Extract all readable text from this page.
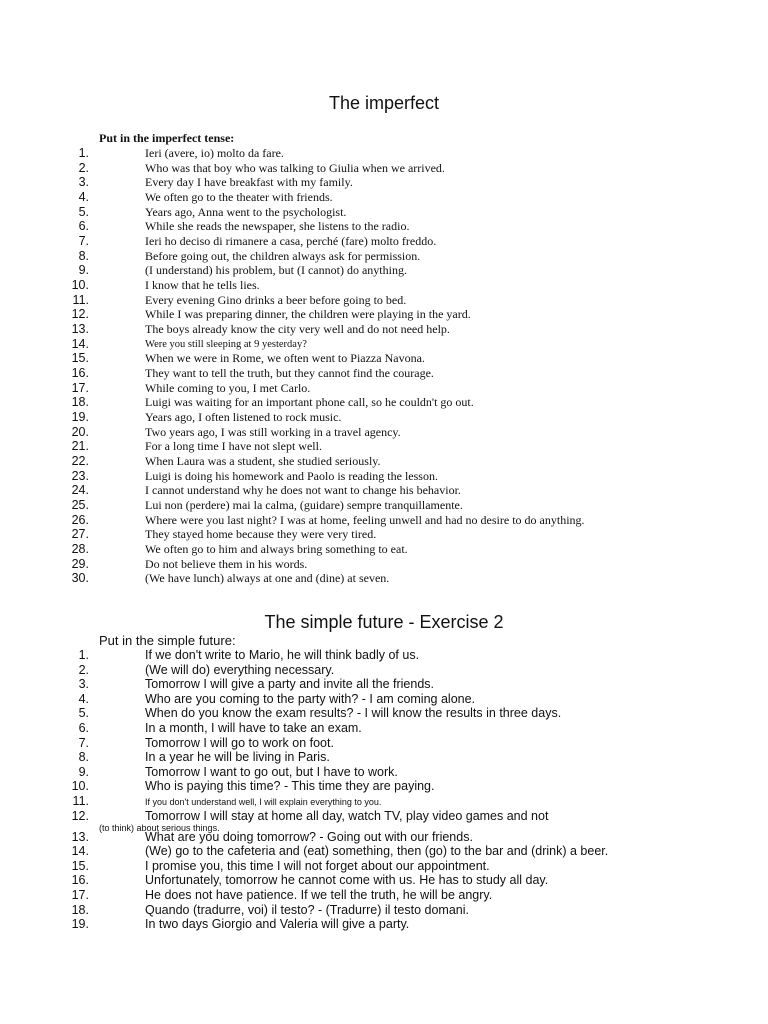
The imperfect
Put in the imperfect tense:
1.	Ieri (avere, io) molto da fare.
2.	Who was that boy who was talking to Giulia when we arrived.
3.	Every day I have breakfast with my family.
4.	We often go to the theater with friends.
5.	Years ago, Anna went to the psychologist.
6.	While she reads the newspaper, she listens to the radio.
7.	Ieri ho deciso di rimanere a casa, perché (fare) molto freddo.
8.	Before going out, the children always ask for permission.
9.	(I understand) his problem, but (I cannot) do anything.
10.	I know that he tells lies.
11.	Every evening Gino drinks a beer before going to bed.
12.	While I was preparing dinner, the children were playing in the yard.
13.	The boys already know the city very well and do not need help.
14.	Were you still sleeping at 9 yesterday?
15.	When we were in Rome, we often went to Piazza Navona.
16.	They want to tell the truth, but they cannot find the courage.
17.	While coming to you, I met Carlo.
18.	Luigi was waiting for an important phone call, so he couldn't go out.
19.	Years ago, I often listened to rock music.
20.	Two years ago, I was still working in a travel agency.
21.	For a long time I have not slept well.
22.	When Laura was a student, she studied seriously.
23.	Luigi is doing his homework and Paolo is reading the lesson.
24.	I cannot understand why he does not want to change his behavior.
25.	Lui non (perdere) mai la calma, (guidare) sempre tranquillamente.
26.	Where were you last night? I was at home, feeling unwell and had no desire to do anything.
27.	They stayed home because they were very tired.
28.	We often go to him and always bring something to eat.
29.	Do not believe them in his words.
30.	(We have lunch) always at one and (dine) at seven.
The simple future - Exercise 2
Put in the simple future:
1.	If we don't write to Mario, he will think badly of us.
2.	(We will do) everything necessary.
3.	Tomorrow I will give a party and invite all the friends.
4.	Who are you coming to the party with? - I am coming alone.
5.	When do you know the exam results? - I will know the results in three days.
6.	In a month, I will have to take an exam.
7.	Tomorrow I will go to work on foot.
8.	In a year he will be living in Paris.
9.	Tomorrow I want to go out, but I have to work.
10.	Who is paying this time? - This time they are paying.
11.	If you don't understand well, I will explain everything to you.
12.	Tomorrow I will stay at home all day, watch TV, play video games and not
(to think) about serious things.
13.	What are you doing tomorrow? - Going out with our friends.
14.	(We) go to the cafeteria and (eat) something, then (go) to the bar and (drink) a beer.
15.	I promise you, this time I will not forget about our appointment.
16.	Unfortunately, tomorrow he cannot come with us. He has to study all day.
17.	He does not have patience. If we tell the truth, he will be angry.
18.	Quando (tradurre, voi) il testo? - (Tradurre) il testo domani.
19.	In two days Giorgio and Valeria will give a party.
